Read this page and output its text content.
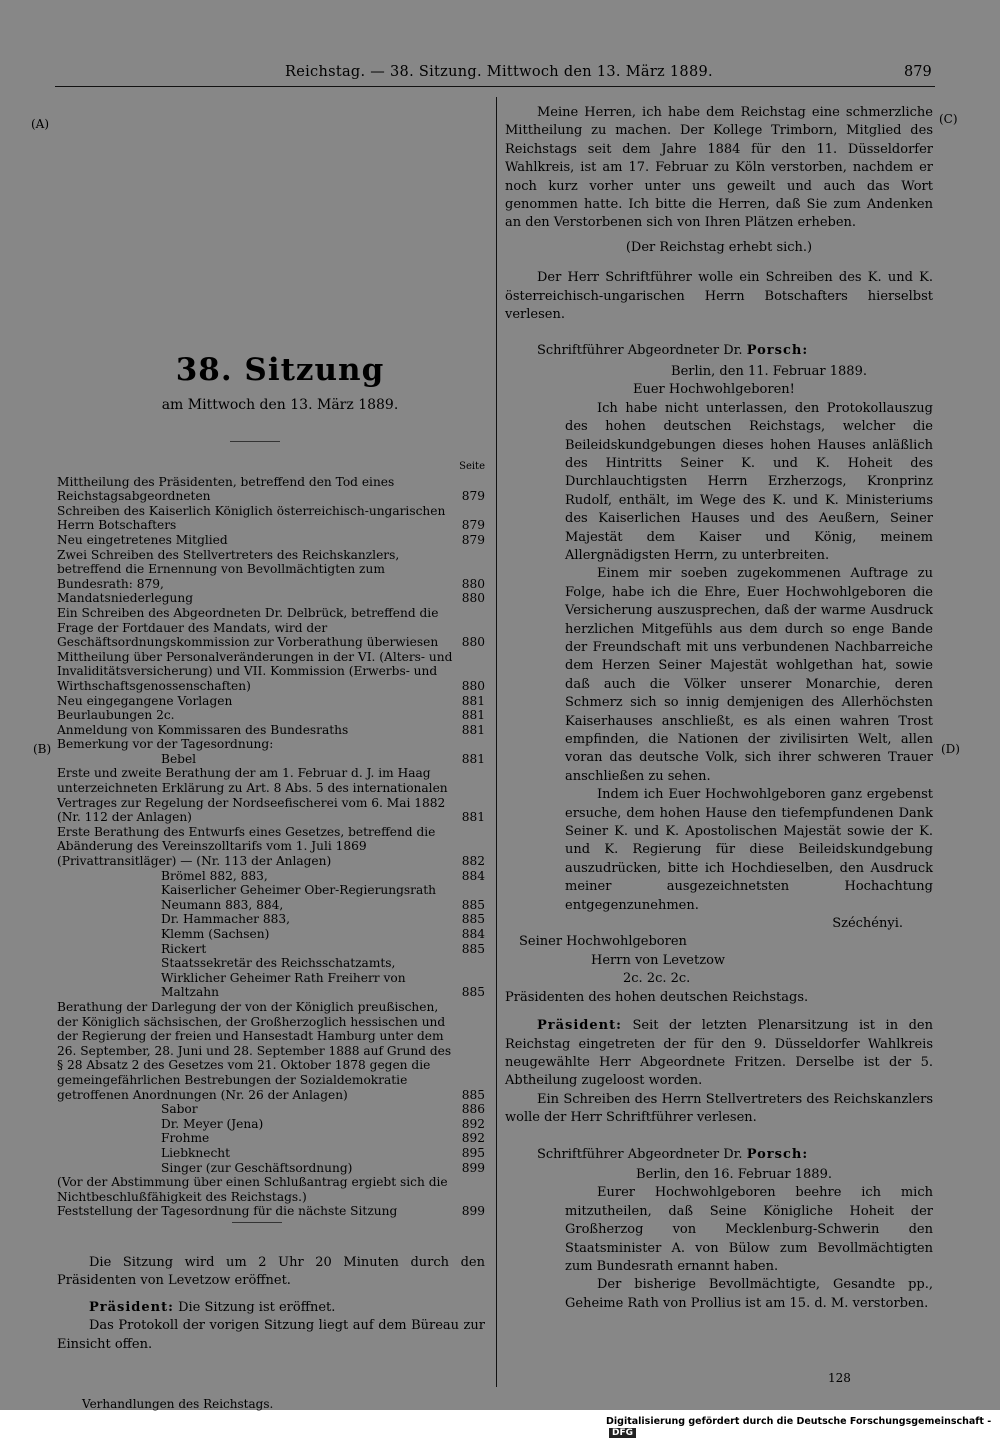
Reichstag. — 38. Sitzung. Mittwoch den 13. März 1889.	879
(A)
(B)
(C)
(D)
38. Sitzung
am Mittwoch den 13. März 1889.
Seite
Mittheilung des Präsidenten, betreffend den Tod eines Reichstagsabgeordneten	879
Schreiben des Kaiserlich Königlich österreichisch-ungarischen Herrn Botschafters	879
Neu eingetretenes Mitglied	879
Zwei Schreiben des Stellvertreters des Reichskanzlers, betreffend die Ernennung von Bevollmächtigten zum Bundesrath: 879,	880
Mandatsniederlegung	880
Ein Schreiben des Abgeordneten Dr. Delbrück, betreffend die Frage der Fortdauer des Mandats, wird der Geschäftsordnungskommission zur Vorberathung überwiesen	880
Mittheilung über Personalveränderungen in der VI. (Alters- und Invaliditätsversicherung) und VII. Kommission (Erwerbs- und Wirthschaftsgenossenschaften)	880
Neu eingegangene Vorlagen	881
Beurlaubungen 2c.	881
Anmeldung von Kommissaren des Bundesraths	881
Bemerkung vor der Tagesordnung:
Bebel	881
Erste und zweite Berathung der am 1. Februar d. J. im Haag unterzeichneten Erklärung zu Art. 8 Abs. 5 des internationalen Vertrages zur Regelung der Nordseefischerei vom 6. Mai 1882 (Nr. 112 der Anlagen)	881
Erste Berathung des Entwurfs eines Gesetzes, betreffend die Abänderung des Vereinszolltarifs vom 1. Juli 1869 (Privattransitläger) — (Nr. 113 der Anlagen)	882
Brömel 882, 883,	884
Kaiserlicher Geheimer Ober-Regierungsrath Neumann 883, 884,	885
Dr. Hammacher 883,	885
Klemm (Sachsen)	884
Rickert	885
Staatssekretär des Reichsschatzamts, Wirklicher Geheimer Rath Freiherr von Maltzahn	885
Berathung der Darlegung der von der Königlich preußischen, der Königlich sächsischen, der Großherzoglich hessischen und der Regierung der freien und Hansestadt Hamburg unter dem 26. September, 28. Juni und 28. September 1888 auf Grund des § 28 Absatz 2 des Gesetzes vom 21. Oktober 1878 gegen die gemeingefährlichen Bestrebungen der Sozialdemokratie getroffenen Anordnungen (Nr. 26 der Anlagen)	885
Sabor	886
Dr. Meyer (Jena)	892
Frohme	892
Liebknecht	895
Singer (zur Geschäftsordnung)	899
(Vor der Abstimmung über einen Schlußantrag ergiebt sich die Nichtbeschlußfähigkeit des Reichstags.)
Feststellung der Tagesordnung für die nächste Sitzung	899

Die Sitzung wird um 2 Uhr 20 Minuten durch den Präsidenten von Levetzow eröffnet.

Präsident: Die Sitzung ist eröffnet.

Das Protokoll der vorigen Sitzung liegt auf dem Büreau zur Einsicht offen.

Verhandlungen des Reichstags.

Meine Herren, ich habe dem Reichstag eine schmerzliche Mittheilung zu machen. Der Kollege Trimborn, Mitglied des Reichstags seit dem Jahre 1884 für den 11. Düsseldorfer Wahlkreis, ist am 17. Februar zu Köln verstorben, nachdem er noch kurz vorher unter uns geweilt und auch das Wort genommen hatte. Ich bitte die Herren, daß Sie zum Andenken an den Verstorbenen sich von Ihren Plätzen erheben.

(Der Reichstag erhebt sich.)

Der Herr Schriftführer wolle ein Schreiben des K. und K. österreichisch-ungarischen Herrn Botschafters hierselbst verlesen.

Schriftführer Abgeordneter Dr. Porsch:

Berlin, den 11. Februar 1889.

Euer Hochwohlgeboren!

Ich habe nicht unterlassen, den Protokollauszug des hohen deutschen Reichstags, welcher die Beileidskundgebungen dieses hohen Hauses anläßlich des Hintritts Seiner K. und K. Hoheit des Durchlauchtigsten Herrn Erzherzogs, Kronprinz Rudolf, enthält, im Wege des K. und K. Ministeriums des Kaiserlichen Hauses und des Aeußern, Seiner Majestät dem Kaiser und König, meinem Allergnädigsten Herrn, zu unterbreiten.

Einem mir soeben zugekommenen Auftrage zu Folge, habe ich die Ehre, Euer Hochwohlgeboren die Versicherung auszusprechen, daß der warme Ausdruck herzlichen Mitgefühls aus dem durch so enge Bande der Freundschaft mit uns verbundenen Nachbarreiche dem Herzen Seiner Majestät wohlgethan hat, sowie daß auch die Völker unserer Monarchie, deren Schmerz sich so innig demjenigen des Allerhöchsten Kaiserhauses anschließt, es als einen wahren Trost empfinden, die Nationen der zivilisirten Welt, allen voran das deutsche Volk, sich ihrer schweren Trauer anschließen zu sehen.

Indem ich Euer Hochwohlgeboren ganz ergebenst ersuche, dem hohen Hause den tiefempfundenen Dank Seiner K. und K. Apostolischen Majestät sowie der K. und K. Regierung für diese Beileidskundgebung auszudrücken, bitte ich Hochdieselben, den Ausdruck meiner ausgezeichnetsten Hochachtung entgegenzunehmen.

Széchényi.

Seiner Hochwohlgeboren

Herrn von Levetzow

2c. 2c. 2c.

Präsidenten des hohen deutschen Reichstags.

Präsident: Seit der letzten Plenarsitzung ist in den Reichstag eingetreten der für den 9. Düsseldorfer Wahlkreis neugewählte Herr Abgeordnete Fritzen. Derselbe ist der 5. Abtheilung zugeloost worden.

Ein Schreiben des Herrn Stellvertreters des Reichskanzlers wolle der Herr Schriftführer verlesen.

Schriftführer Abgeordneter Dr. Porsch:

Berlin, den 16. Februar 1889.

Eurer Hochwohlgeboren beehre ich mich mitzutheilen, daß Seine Königliche Hoheit der Großherzog von Mecklenburg-Schwerin den Staatsminister A. von Bülow zum Bevollmächtigten zum Bundesrath ernannt haben.

Der bisherige Bevollmächtigte, Gesandte pp., Geheime Rath von Prollius ist am 15. d. M. verstorben.

128
Digitalisierung gefördert durch die Deutsche Forschungsgemeinschaft -DFG
